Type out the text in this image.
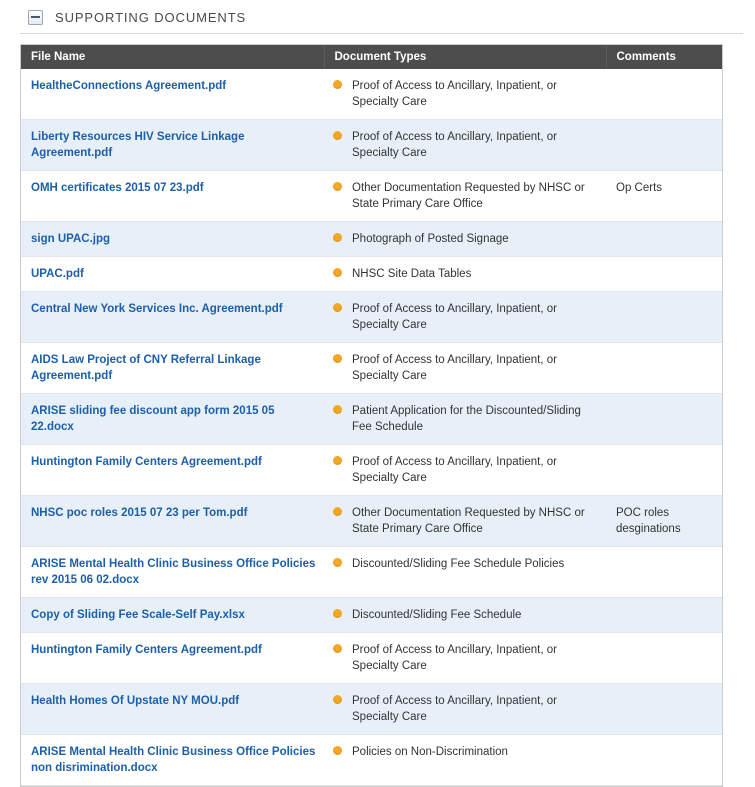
SUPPORTING DOCUMENTS
File Name	Document Types	Comments
HealtheConnections Agreement.pdf	Proof of Access to Ancillary, Inpatient, or Specialty Care	
Liberty Resources HIV Service Linkage Agreement.pdf	Proof of Access to Ancillary, Inpatient, or Specialty Care	
OMH certificates 2015 07 23.pdf	Other Documentation Requested by NHSC or State Primary Care Office	Op Certs
sign UPAC.jpg	Photograph of Posted Signage	
UPAC.pdf	NHSC Site Data Tables	
Central New York Services Inc. Agreement.pdf	Proof of Access to Ancillary, Inpatient, or Specialty Care	
AIDS Law Project of CNY Referral Linkage Agreement.pdf	Proof of Access to Ancillary, Inpatient, or Specialty Care	
ARISE sliding fee discount app form 2015 05 22.docx	Patient Application for the Discounted/Sliding Fee Schedule	
Huntington Family Centers Agreement.pdf	Proof of Access to Ancillary, Inpatient, or Specialty Care	
NHSC poc roles 2015 07 23 per Tom.pdf	Other Documentation Requested by NHSC or State Primary Care Office	POC roles desginations
ARISE Mental Health Clinic Business Office Policies rev 2015 06 02.docx	Discounted/Sliding Fee Schedule Policies	
Copy of Sliding Fee Scale-Self Pay.xlsx	Discounted/Sliding Fee Schedule	
Huntington Family Centers Agreement.pdf	Proof of Access to Ancillary, Inpatient, or Specialty Care	
Health Homes Of Upstate NY MOU.pdf	Proof of Access to Ancillary, Inpatient, or Specialty Care	
ARISE Mental Health Clinic Business Office Policies non disrimination.docx	Policies on Non-Discrimination	
